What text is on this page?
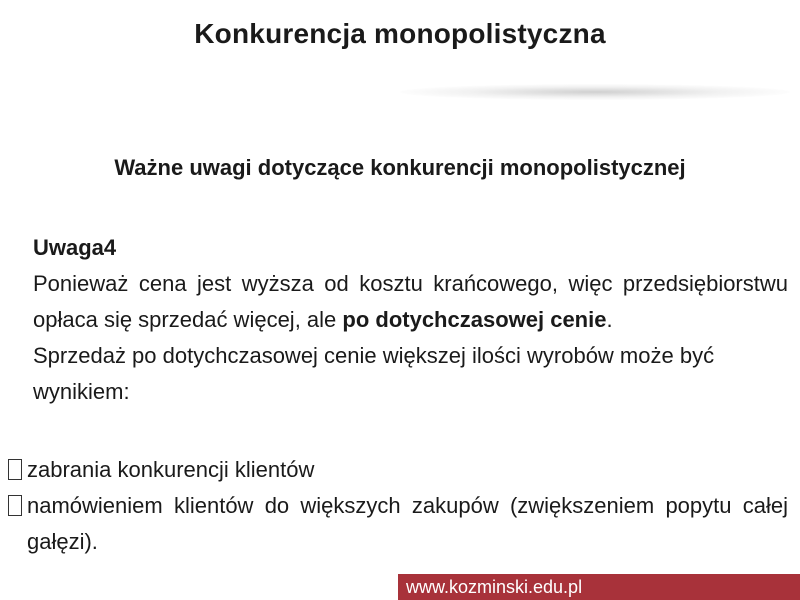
Konkurencja monopolistyczna
Ważne uwagi dotyczące konkurencji monopolistycznej

Uwaga4

Ponieważ cena jest wyższa od kosztu krańcowego, więc przedsiębiorstwu opłaca się sprzedać więcej, ale po dotychczasowej cenie.

Sprzedaż po dotychczasowej cenie większej ilości wyrobów może być wynikiem:

zabrania konkurencji klientów
namówieniem klientów do większych zakupów (zwiększeniem popytu całej gałęzi).
www.kozminski.edu.pl
